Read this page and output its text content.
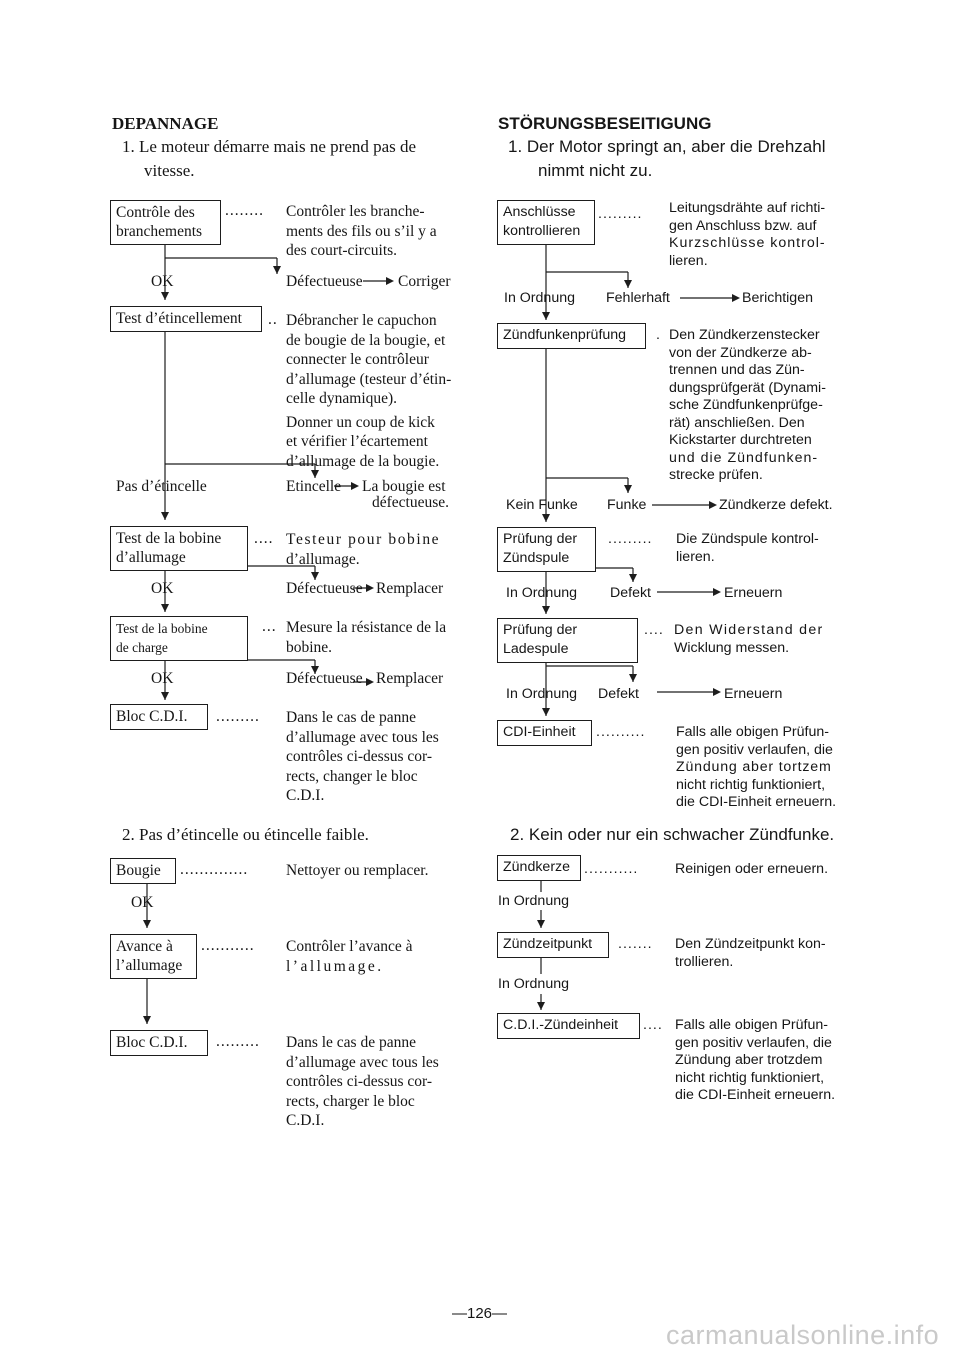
DEPANNAGE
1. Le moteur démarre mais ne prend pas de
vitesse.
Contrôle des
branchements
........ Contrôler les branche-
ments des fils ou s’il y a
des court-circuits.
OK	Défectueuse Corriger
Test d’étincellement	.. Débrancher le capuchon
de bougie de la bougie, et
connecter le contrôleur
d’allumage (testeur d’étin-
celle dynamique).
Donner un coup de kick
et vérifier l’écartement
d’allumage de la bougie.
Pas d’étincelle	Etincelle La bougie est
défectueuse.
Test de la bobine
d’allumage
.... Testeur pour bobine
d’allumage.
OK	Défectueuse Remplacer
Test de la bobine
de charge
... Mesure la résistance de la
bobine.
OK	Défectueuse Remplacer
Bloc C.D.I.	......... Dans le cas de panne
d’allumage avec tous les
contrôles ci-dessus cor-
rects, changer le bloc
C.D.I.
2. Pas d’étincelle ou étincelle faible.
Bougie	.............. Nettoyer ou remplacer.
OK
Avance à
l’allumage
........... Contrôler l’avance à
l’allumage.
Bloc C.D.I.	......... Dans le cas de panne
d’allumage avec tous les
contrôles ci-dessus cor-
rects, charger le bloc
C.D.I.
STÖRUNGSBESEITIGUNG
1. Der Motor springt an, aber die Drehzahl
nimmt nicht zu.
Anschlüsse
kontrollieren
......... Leitungsdrähte auf richti-
gen Anschluss bzw. auf
Kurzschlüsse kontrol-
lieren.
In Ordnung Fehlerhaft	Berichtigen
Zündfunkenprüfung	. Den Zündkerzenstecker
von der Zündkerze ab-
trennen und das Zün-
dungsprüfgerät (Dynami-
sche Zündfunkenprüfge-
rät) anschließen. Den
Kickstarter durchtreten
und die Zündfunken-
strecke prüfen.
Kein Funke Funke	Zündkerze defekt.
Prüfung der
Zündspule
......... Die Zündspule kontrol-
lieren.
In Ordnung Defekt	Erneuern
Prüfung der
Ladespule
.... Den Widerstand der
Wicklung messen.
In Ordnung Defekt	Erneuern
CDI-Einheit	.......... Falls alle obigen Prüfun-
gen positiv verlaufen, die
Zündung aber tortzem
nicht richtig funktioniert,
die CDI-Einheit erneuern.
2. Kein oder nur ein schwacher Zündfunke.
Zündkerze ...........	Reinigen oder erneuern.
In Ordnung
Zündzeitpunkt	....... Den Zündzeitpunkt kon-
trollieren.
In Ordnung
C.D.I.-Zündeinheit	.... Falls alle obigen Prüfun-
gen positiv verlaufen, die
Zündung aber trotzdem
nicht richtig funktioniert,
die CDI-Einheit erneuern.
—126—
carmanualsonline.info
